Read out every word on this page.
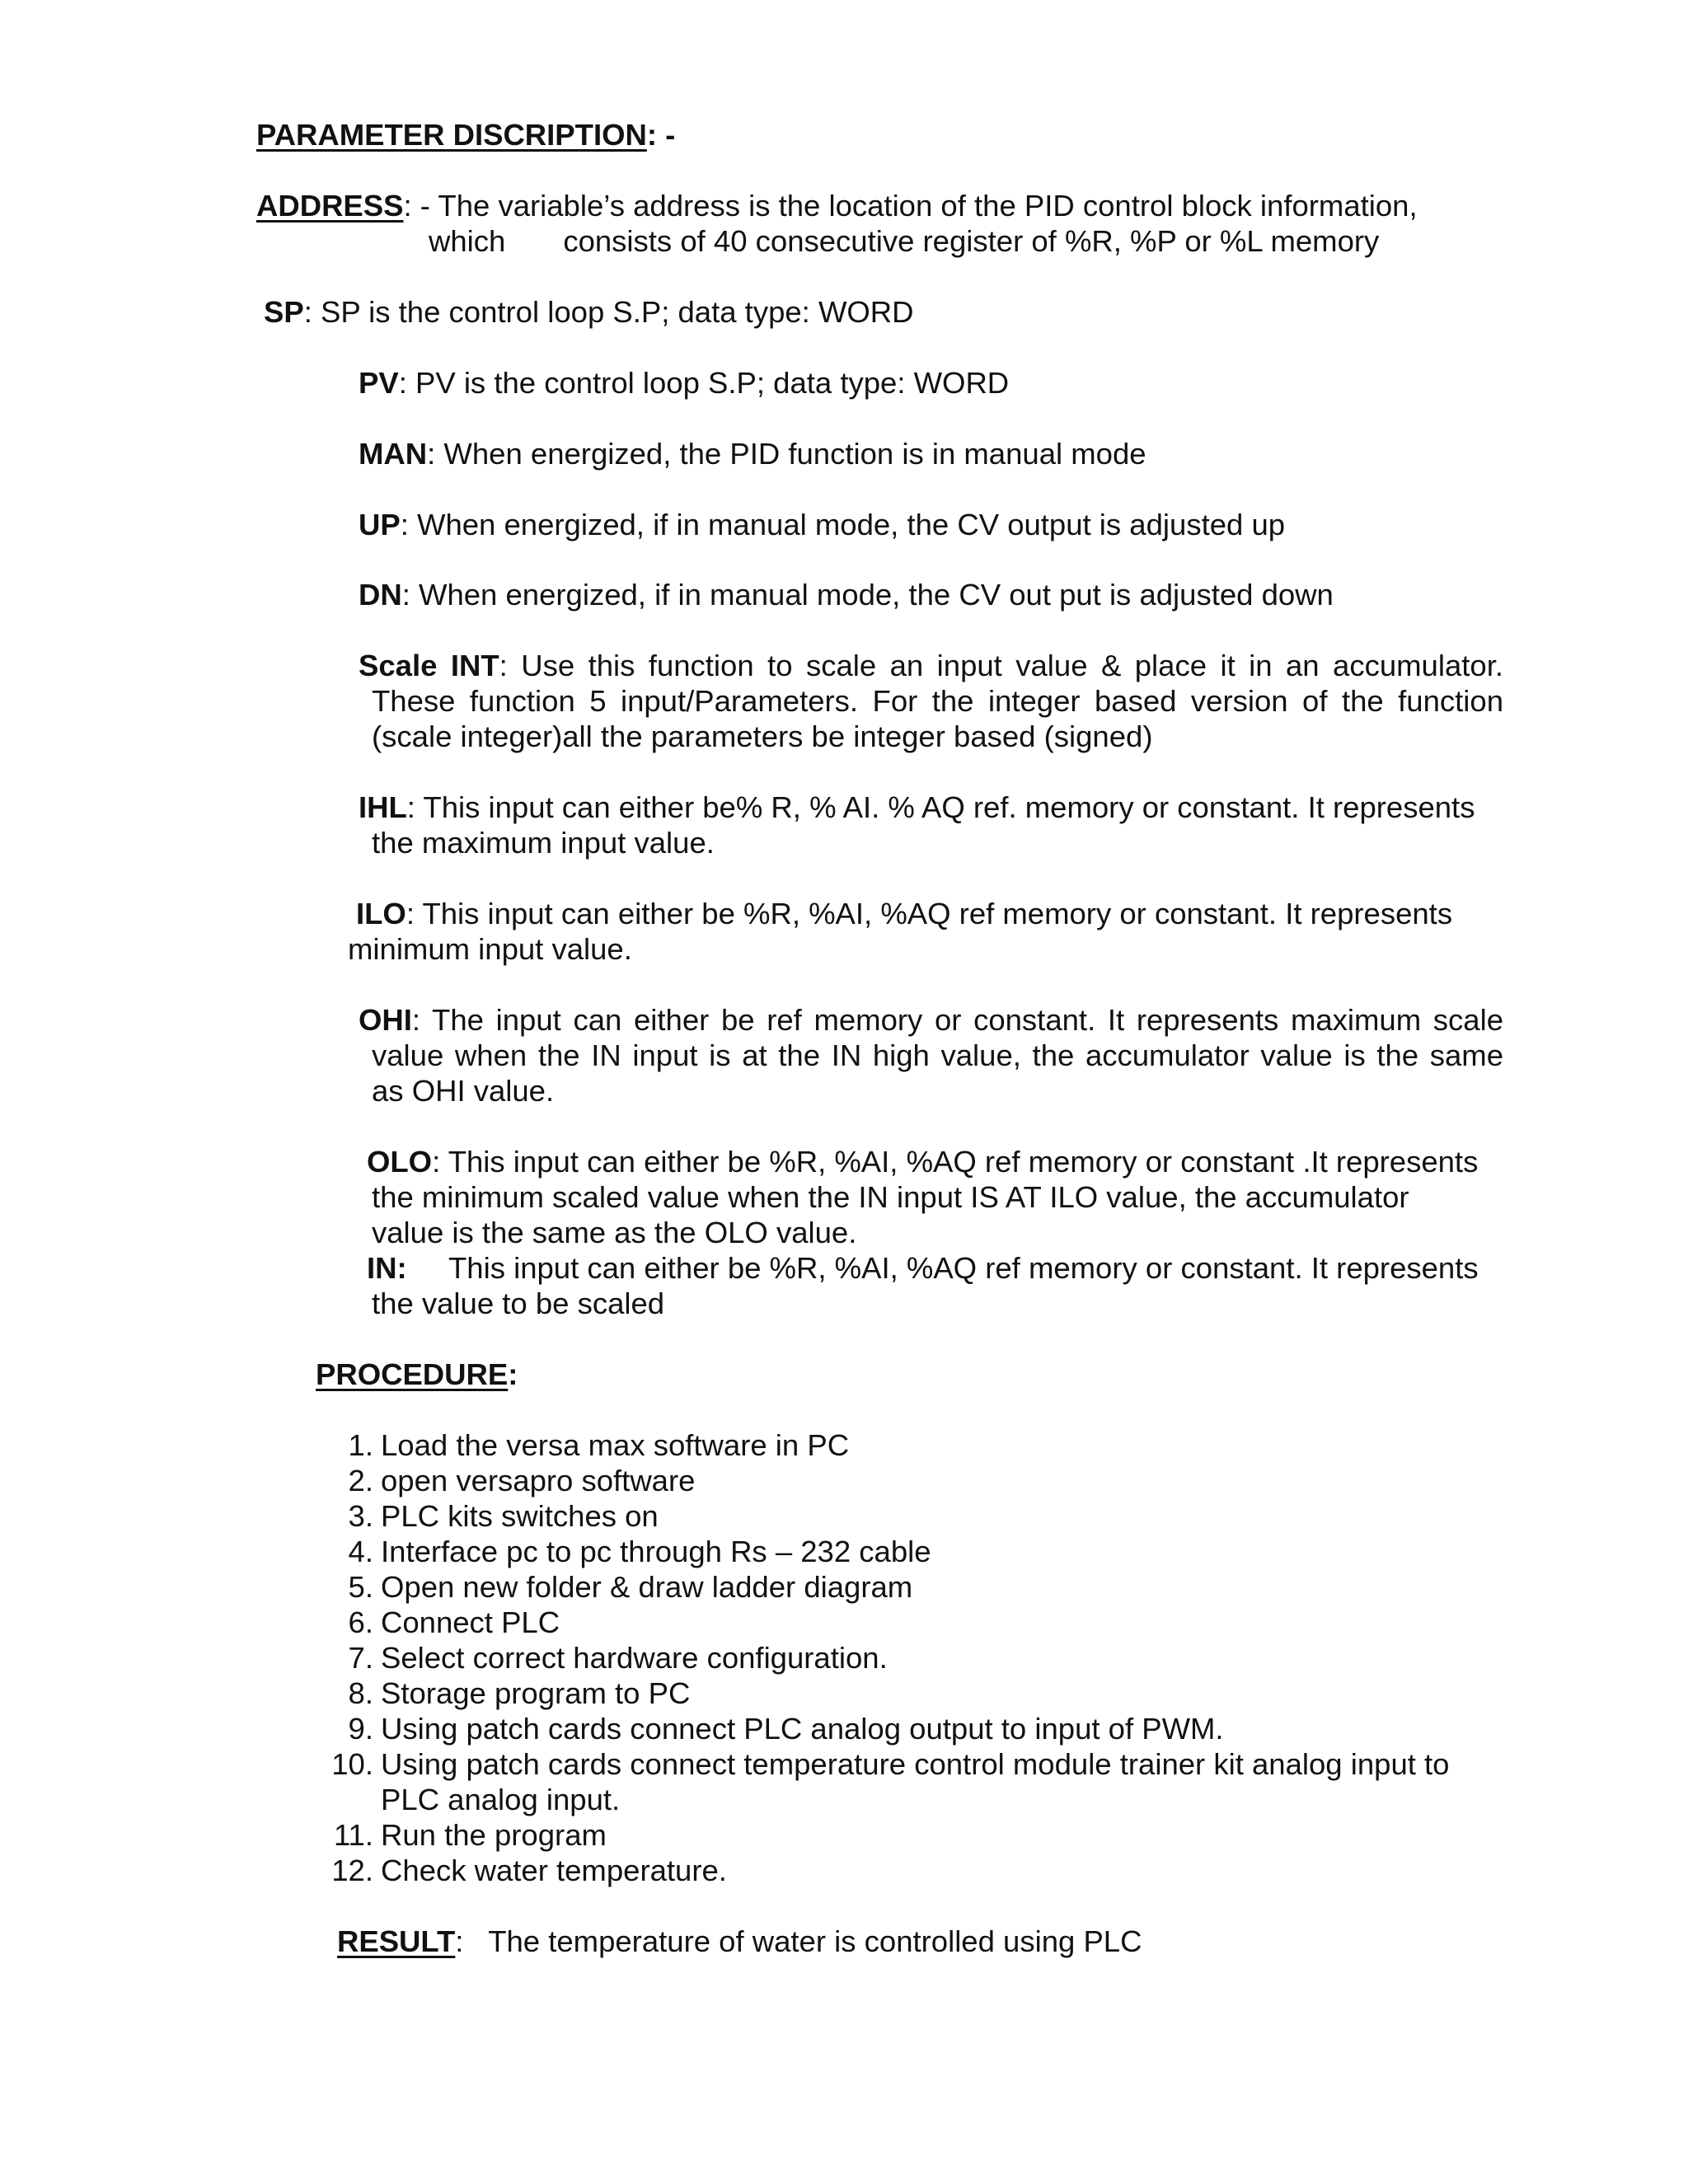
PARAMETER DISCRIPTION: -
ADDRESS: - The variable’s address is the location of the PID control block information,
which consists of 40 consecutive register of %R, %P or %L memory
SP: SP is the control loop S.P; data type: WORD
PV: PV is the control loop S.P; data type: WORD
MAN: When energized, the PID function is in manual mode
UP: When energized, if in manual mode, the CV output is adjusted up
DN: When energized, if in manual mode, the CV out put is adjusted down
Scale INT: Use this function to scale an input value & place it in an accumulator.
These function 5 input/Parameters. For the integer based version of the function
(scale integer)all the parameters be integer based (signed)
IHL: This input can either be% R, % AI. % AQ ref. memory or constant. It represents
the maximum input value.
ILO: This input can either be %R, %AI, %AQ ref memory or constant. It represents
minimum input value.
OHI: The input can either be ref memory or constant. It represents maximum scale
value when the IN input is at the IN high value, the accumulator value is the same
as OHI value.
OLO: This input can either be %R, %AI, %AQ ref memory or constant .It represents
the minimum scaled value when the IN input IS AT ILO value, the accumulator
value is the same as the OLO value.
IN: This input can either be %R, %AI, %AQ ref memory or constant. It represents
the value to be scaled
PROCEDURE:
1. Load the versa max software in PC
2. open versapro software
3. PLC kits switches on
4. Interface pc to pc through Rs – 232 cable
5. Open new folder & draw ladder diagram
6. Connect PLC
7. Select correct hardware configuration.
8. Storage program to PC
9. Using patch cards connect PLC analog output to input of PWM.
10. Using patch cards connect temperature control module trainer kit analog input to
PLC analog input.
11. Run the program
12. Check water temperature.
RESULT:   The temperature of water is controlled using PLC
